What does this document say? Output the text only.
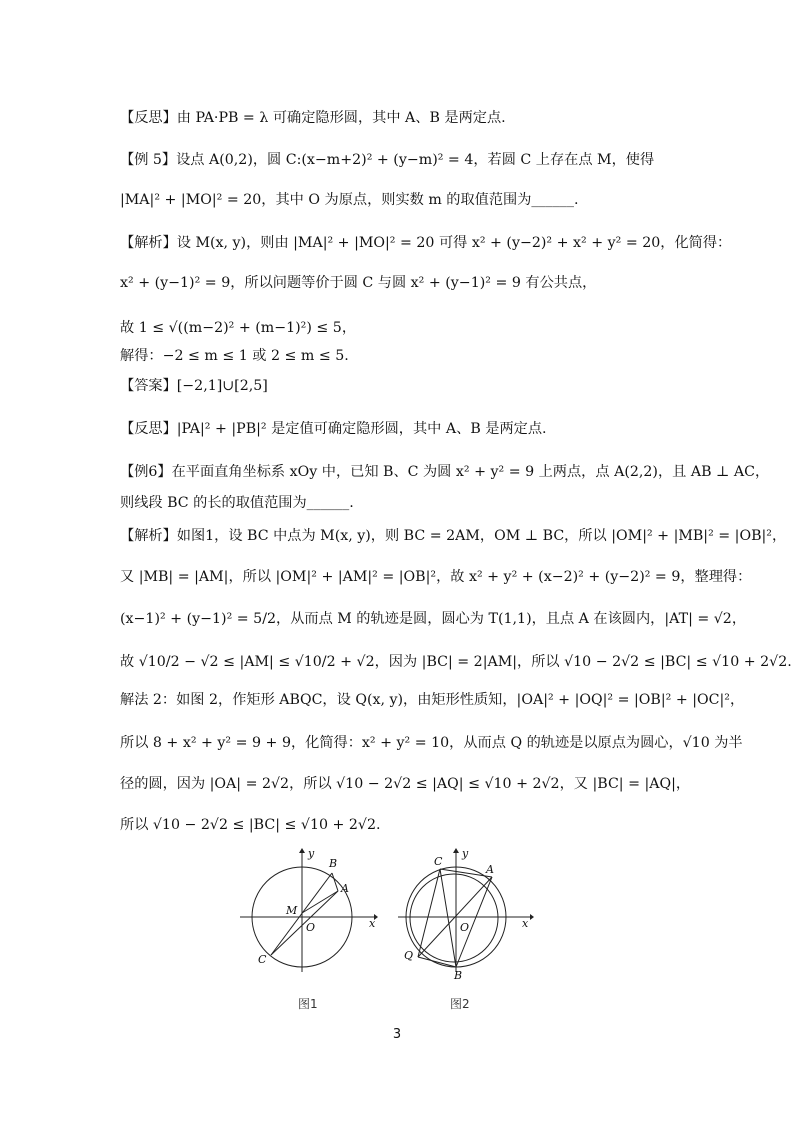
【反思】由 PA·PB = λ 可确定隐形圆，其中 A、B 是两定点.
【例 5】设点 A(0,2)，圆 C:(x−m+2)² + (y−m)² = 4，若圆 C 上存在点 M，使得
|MA|² + |MO|² = 20，其中 O 为原点，则实数 m 的取值范围为______.
【解析】设 M(x, y)，则由 |MA|² + |MO|² = 20 可得 x² + (y−2)² + x² + y² = 20，化简得：
x² + (y−1)² = 9，所以问题等价于圆 C 与圆 x² + (y−1)² = 9 有公共点，
故 1 ≤ √((m−2)² + (m−1)²) ≤ 5，
解得：−2 ≤ m ≤ 1 或 2 ≤ m ≤ 5.
【答案】[−2,1]∪[2,5]
【反思】|PA|² + |PB|² 是定值可确定隐形圆，其中 A、B 是两定点.
【例6】在平面直角坐标系 xOy 中，已知 B、C 为圆 x² + y² = 9 上两点，点 A(2,2)，且 AB ⊥ AC，
则线段 BC 的长的取值范围为______.
【解析】如图1，设 BC 中点为 M(x, y)，则 BC = 2AM，OM ⊥ BC，所以 |OM|² + |MB|² = |OB|²，
又 |MB| = |AM|，所以 |OM|² + |AM|² = |OB|²，故 x² + y² + (x−2)² + (y−2)² = 9，整理得：
(x−1)² + (y−1)² = 5/2，从而点 M 的轨迹是圆，圆心为 T(1,1)，且点 A 在该圆内，|AT| = √2，
故 √10/2 − √2 ≤ |AM| ≤ √10/2 + √2，因为 |BC| = 2|AM|，所以 √10 − 2√2 ≤ |BC| ≤ √10 + 2√2.
解法 2：如图 2，作矩形 ABQC，设 Q(x, y)，由矩形性质知，|OA|² + |OQ|² = |OB|² + |OC|²，
所以 8 + x² + y² = 9 + 9，化简得：x² + y² = 10，从而点 Q 的轨迹是以原点为圆心，√10 为半
径的圆，因为 |OA| = 2√2，所以 √10 − 2√2 ≤ |AQ| ≤ √10 + 2√2，又 |BC| = |AQ|，
所以 √10 − 2√2 ≤ |BC| ≤ √10 + 2√2.
y
x
B
A
M
O
C
图1
y
x
C
A
O
Q
B
图2
3
